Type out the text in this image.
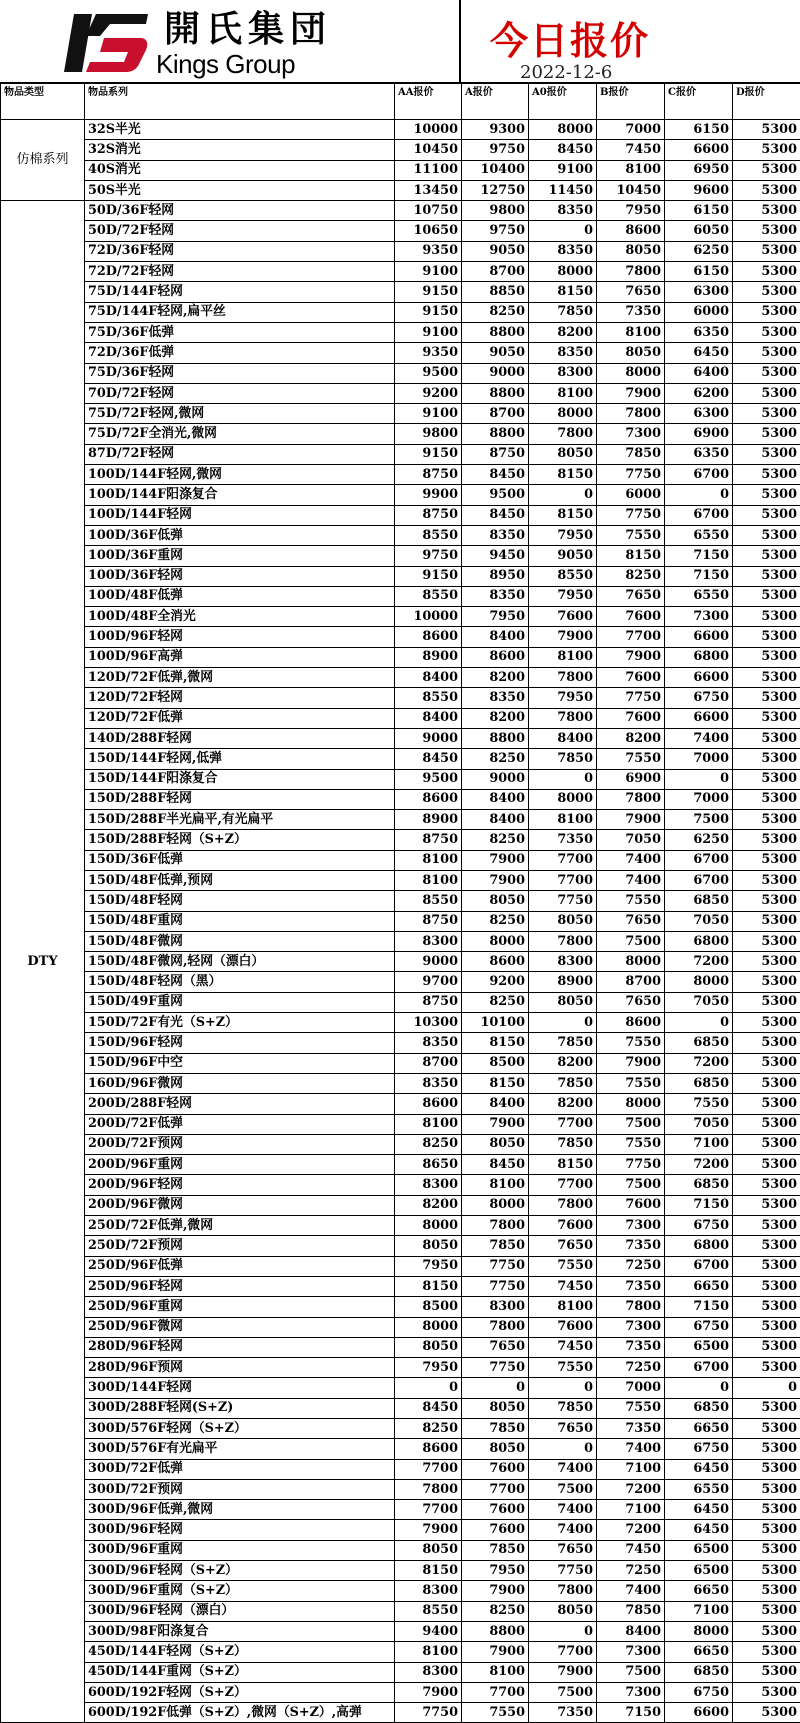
開氏集団
Kings Group
今日报价
2022-12-6
物品类型	物品系列	AA报价	A报价	A0报价	B报价	C报价	D报价
仿棉系列	32S半光	10000	9300	8000	7000	6150	5300
	32S消光	10450	9750	8450	7450	6600	5300
	40S消光	11100	10400	9100	8100	6950	5300
	50S半光	13450	12750	11450	10450	9600	5300
DTY	50D/36F轻网	10750	9800	8350	7950	6150	5300
	50D/72F轻网	10650	9750	0	8600	6050	5300
	72D/36F轻网	9350	9050	8350	8050	6250	5300
	72D/72F轻网	9100	8700	8000	7800	6150	5300
	75D/144F轻网	9150	8850	8150	7650	6300	5300
	75D/144F轻网,扁平丝	9150	8250	7850	7350	6000	5300
	75D/36F低弹	9100	8800	8200	8100	6350	5300
	72D/36F低弹	9350	9050	8350	8050	6450	5300
	75D/36F轻网	9500	9000	8300	8000	6400	5300
	70D/72F轻网	9200	8800	8100	7900	6200	5300
	75D/72F轻网,微网	9100	8700	8000	7800	6300	5300
	75D/72F全消光,微网	9800	8800	7800	7300	6900	5300
	87D/72F轻网	9150	8750	8050	7850	6350	5300
	100D/144F轻网,微网	8750	8450	8150	7750	6700	5300
	100D/144F阳涤复合	9900	9500	0	6000	0	5300
	100D/144F轻网	8750	8450	8150	7750	6700	5300
	100D/36F低弹	8550	8350	7950	7550	6550	5300
	100D/36F重网	9750	9450	9050	8150	7150	5300
	100D/36F轻网	9150	8950	8550	8250	7150	5300
	100D/48F低弹	8550	8350	7950	7650	6550	5300
	100D/48F全消光	10000	7950	7600	7600	7300	5300
	100D/96F轻网	8600	8400	7900	7700	6600	5300
	100D/96F高弹	8900	8600	8100	7900	6800	5300
	120D/72F低弹,微网	8400	8200	7800	7600	6600	5300
	120D/72F轻网	8550	8350	7950	7750	6750	5300
	120D/72F低弹	8400	8200	7800	7600	6600	5300
	140D/288F轻网	9000	8800	8400	8200	7400	5300
	150D/144F轻网,低弹	8450	8250	7850	7550	7000	5300
	150D/144F阳涤复合	9500	9000	0	6900	0	5300
	150D/288F轻网	8600	8400	8000	7800	7000	5300
	150D/288F半光扁平,有光扁平	8900	8400	8100	7900	7500	5300
	150D/288F轻网（S+Z）	8750	8250	7350	7050	6250	5300
	150D/36F低弹	8100	7900	7700	7400	6700	5300
	150D/48F低弹,预网	8100	7900	7700	7400	6700	5300
	150D/48F轻网	8550	8050	7750	7550	6850	5300
	150D/48F重网	8750	8250	8050	7650	7050	5300
	150D/48F微网	8300	8000	7800	7500	6800	5300
	150D/48F微网,轻网（漂白）	9000	8600	8300	8000	7200	5300
	150D/48F轻网（黑）	9700	9200	8900	8700	8000	5300
	150D/49F重网	8750	8250	8050	7650	7050	5300
	150D/72F有光（S+Z）	10300	10100	0	8600	0	5300
	150D/96F轻网	8350	8150	7850	7550	6850	5300
	150D/96F中空	8700	8500	8200	7900	7200	5300
	160D/96F微网	8350	8150	7850	7550	6850	5300
	200D/288F轻网	8600	8400	8200	8000	7550	5300
	200D/72F低弹	8100	7900	7700	7500	7050	5300
	200D/72F预网	8250	8050	7850	7550	7100	5300
	200D/96F重网	8650	8450	8150	7750	7200	5300
	200D/96F轻网	8300	8100	7700	7500	6850	5300
	200D/96F微网	8200	8000	7800	7600	7150	5300
	250D/72F低弹,微网	8000	7800	7600	7300	6750	5300
	250D/72F预网	8050	7850	7650	7350	6800	5300
	250D/96F低弹	7950	7750	7550	7250	6700	5300
	250D/96F轻网	8150	7750	7450	7350	6650	5300
	250D/96F重网	8500	8300	8100	7800	7150	5300
	250D/96F微网	8000	7800	7600	7300	6750	5300
	280D/96F轻网	8050	7650	7450	7350	6500	5300
	280D/96F预网	7950	7750	7550	7250	6700	5300
	300D/144F轻网	0	0	0	7000	0	0
	300D/288F轻网(S+Z)	8450	8050	7850	7550	6850	5300
	300D/576F轻网（S+Z）	8250	7850	7650	7350	6650	5300
	300D/576F有光扁平	8600	8050	0	7400	6750	5300
	300D/72F低弹	7700	7600	7400	7100	6450	5300
	300D/72F预网	7800	7700	7500	7200	6550	5300
	300D/96F低弹,微网	7700	7600	7400	7100	6450	5300
	300D/96F轻网	7900	7600	7400	7200	6450	5300
	300D/96F重网	8050	7850	7650	7450	6500	5300
	300D/96F轻网（S+Z）	8150	7950	7750	7250	6500	5300
	300D/96F重网（S+Z）	8300	7900	7800	7400	6650	5300
	300D/96F轻网（漂白）	8550	8250	8050	7850	7100	5300
	300D/98F阳涤复合	9400	8800	0	8400	8000	5300
	450D/144F轻网（S+Z）	8100	7900	7700	7300	6650	5300
	450D/144F重网（S+Z）	8300	8100	7900	7500	6850	5300
	600D/192F轻网（S+Z）	7900	7700	7500	7300	6750	5300
	600D/192F低弹（S+Z）,微网（S+Z）,高弹	7750	7550	7350	7150	6600	5300
